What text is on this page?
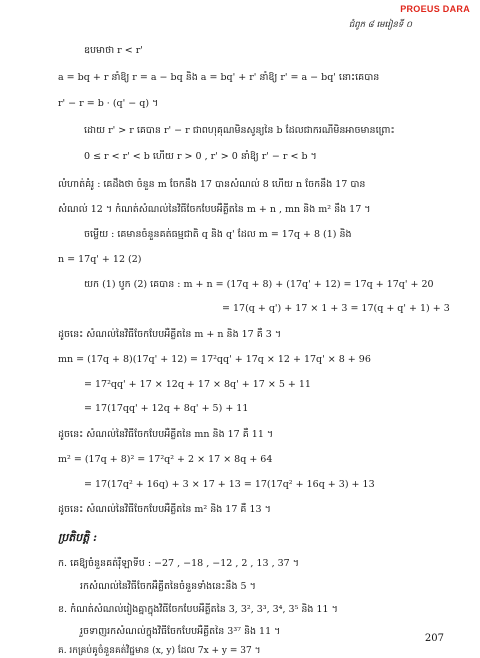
PROEUS DARA
ជំពូក ៨ មេរៀនទី ០
ឧបមាថា r < r'
a = bq + r នាំឱ្យ r = a − bq និង a = bq' + r' នាំឱ្យ r' = a − bq' នោះគេបាន
r' − r = b · (q' − q) ។
ដោយ r' > r គេបាន r' − r ជាពហុគុណមិនសូន្យនៃ b ដែលជាករណីមិនអាចមានព្រោះ
0 ≤ r < r' < b ហើយ r > 0 , r' > 0 នាំឱ្យ r' − r < b ។
លំហាត់គំរូ : គេដឹងថា ចំនួន m ចែកនឹង 17 បានសំណល់ 8 ហើយ n ចែកនឹង 17 បាន
សំណល់ 12 ។ កំណត់សំណល់នៃវិធីចែកបែបអឺគ្លីតនៃ m + n , mn និង m² នឹង 17 ។
ចម្លើយ : គេមានចំនួនគត់ធម្មជាតិ q និង q' ដែល m = 17q + 8 (1) និង
n = 17q' + 12 (2)
យក (1) បូក (2) គេបាន : m + n = (17q + 8) + (17q' + 12) = 17q + 17q' + 20
= 17(q + q') + 17 × 1 + 3 = 17(q + q' + 1) + 3
ដូចនេះ សំណល់នៃវិធីចែកបែបអឺគ្លីតនៃ m + n និង 17 គឺ 3 ។
mn = (17q + 8)(17q' + 12) = 17²qq' + 17q × 12 + 17q' × 8 + 96
= 17²qq' + 17 × 12q + 17 × 8q' + 17 × 5 + 11
= 17(17qq' + 12q + 8q' + 5) + 11
ដូចនេះ សំណល់នៃវិធីចែកបែបអឺគ្លីតនៃ mn និង 17 គឺ 11 ។
m² = (17q + 8)² = 17²q² + 2 × 17 × 8q + 64
= 17(17q² + 16q) + 3 × 17 + 13 = 17(17q² + 16q + 3) + 13
ដូចនេះ សំណល់នៃវិធីចែកបែបអឺគ្លីតនៃ m² និង 17 គឺ 13 ។
ប្រតិបត្តិ :
ក. គេឱ្យចំនួនគត់រ៉ឺឡាទីប : −27 , −18 , −12 , 2 , 13 , 37 ។
រកសំណល់នៃវិធីចែកអឺគ្លីតនៃចំនួនទាំងនេះនឹង 5 ។
ខ. កំណត់សំណល់រៀងគ្នាក្នុងវិធីចែកបែបអឺគ្លីតនៃ 3, 3², 3³, 3⁴, 3⁵ និង 11 ។
រួចទាញរកសំណល់ក្នុងវិធីចែកបែបអឺគ្លីតនៃ 3³⁷ និង 11 ។
គ. រកគ្រប់គូចំនួនគត់វិជ្ជមាន (x, y) ដែល 7x + y = 37 ។
207
